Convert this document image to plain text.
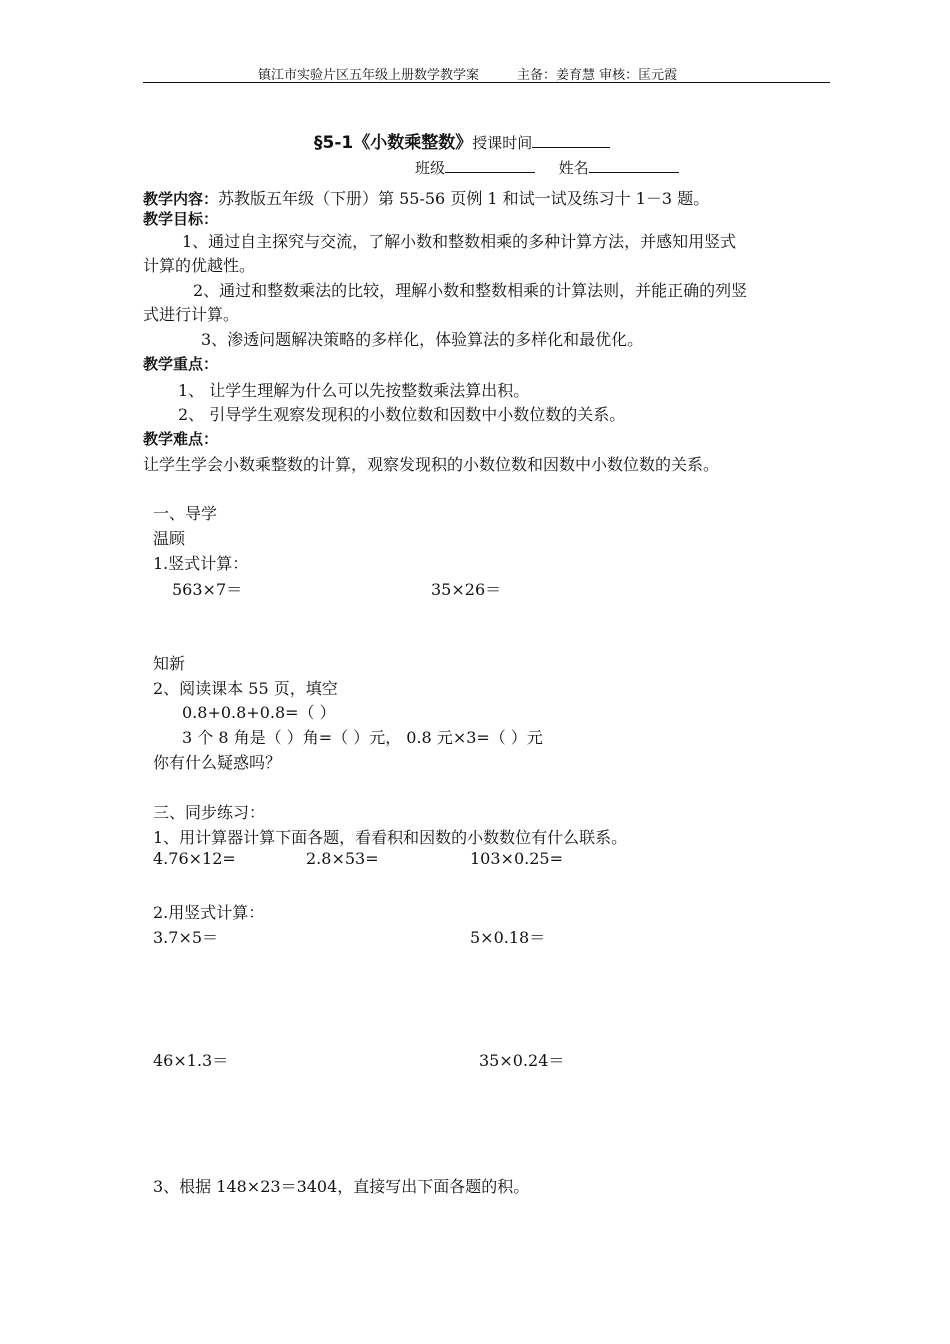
镇江市实验片区五年级上册数学教学案	主备：姜育慧 审核：匡元霞
§5-1《小数乘整数》授课时间
班级	姓名
教学内容：苏教版五年级（下册）第 55-56 页例 1 和试一试及练习十 1－3 题。
教学目标：
1、通过自主探究与交流，了解小数和整数相乘的多种计算方法，并感知用竖式
计算的优越性。
2、通过和整数乘法的比较，理解小数和整数相乘的计算法则，并能正确的列竖
式进行计算。
3、渗透问题解决策略的多样化，体验算法的多样化和最优化。
教学重点：
1、 让学生理解为什么可以先按整数乘法算出积。
2、 引导学生观察发现积的小数位数和因数中小数位数的关系。
教学难点：
让学生学会小数乘整数的计算，观察发现积的小数位数和因数中小数位数的关系。
一、导学
温顾
1.竖式计算：
563×7＝	35×26＝
知新
2、阅读课本 55 页，填空
0.8+0.8+0.8=（ ）
3 个 8 角是（ ）角=（ ）元， 0.8 元×3=（ ）元
你有什么疑惑吗？
三、同步练习：
1、用计算器计算下面各题，看看积和因数的小数数位有什么联系。
4.76×12=	2.8×53=	103×0.25=
2.用竖式计算：
3.7×5＝	5×0.18＝
46×1.3＝	35×0.24＝
3、根据 148×23＝3404，直接写出下面各题的积。
